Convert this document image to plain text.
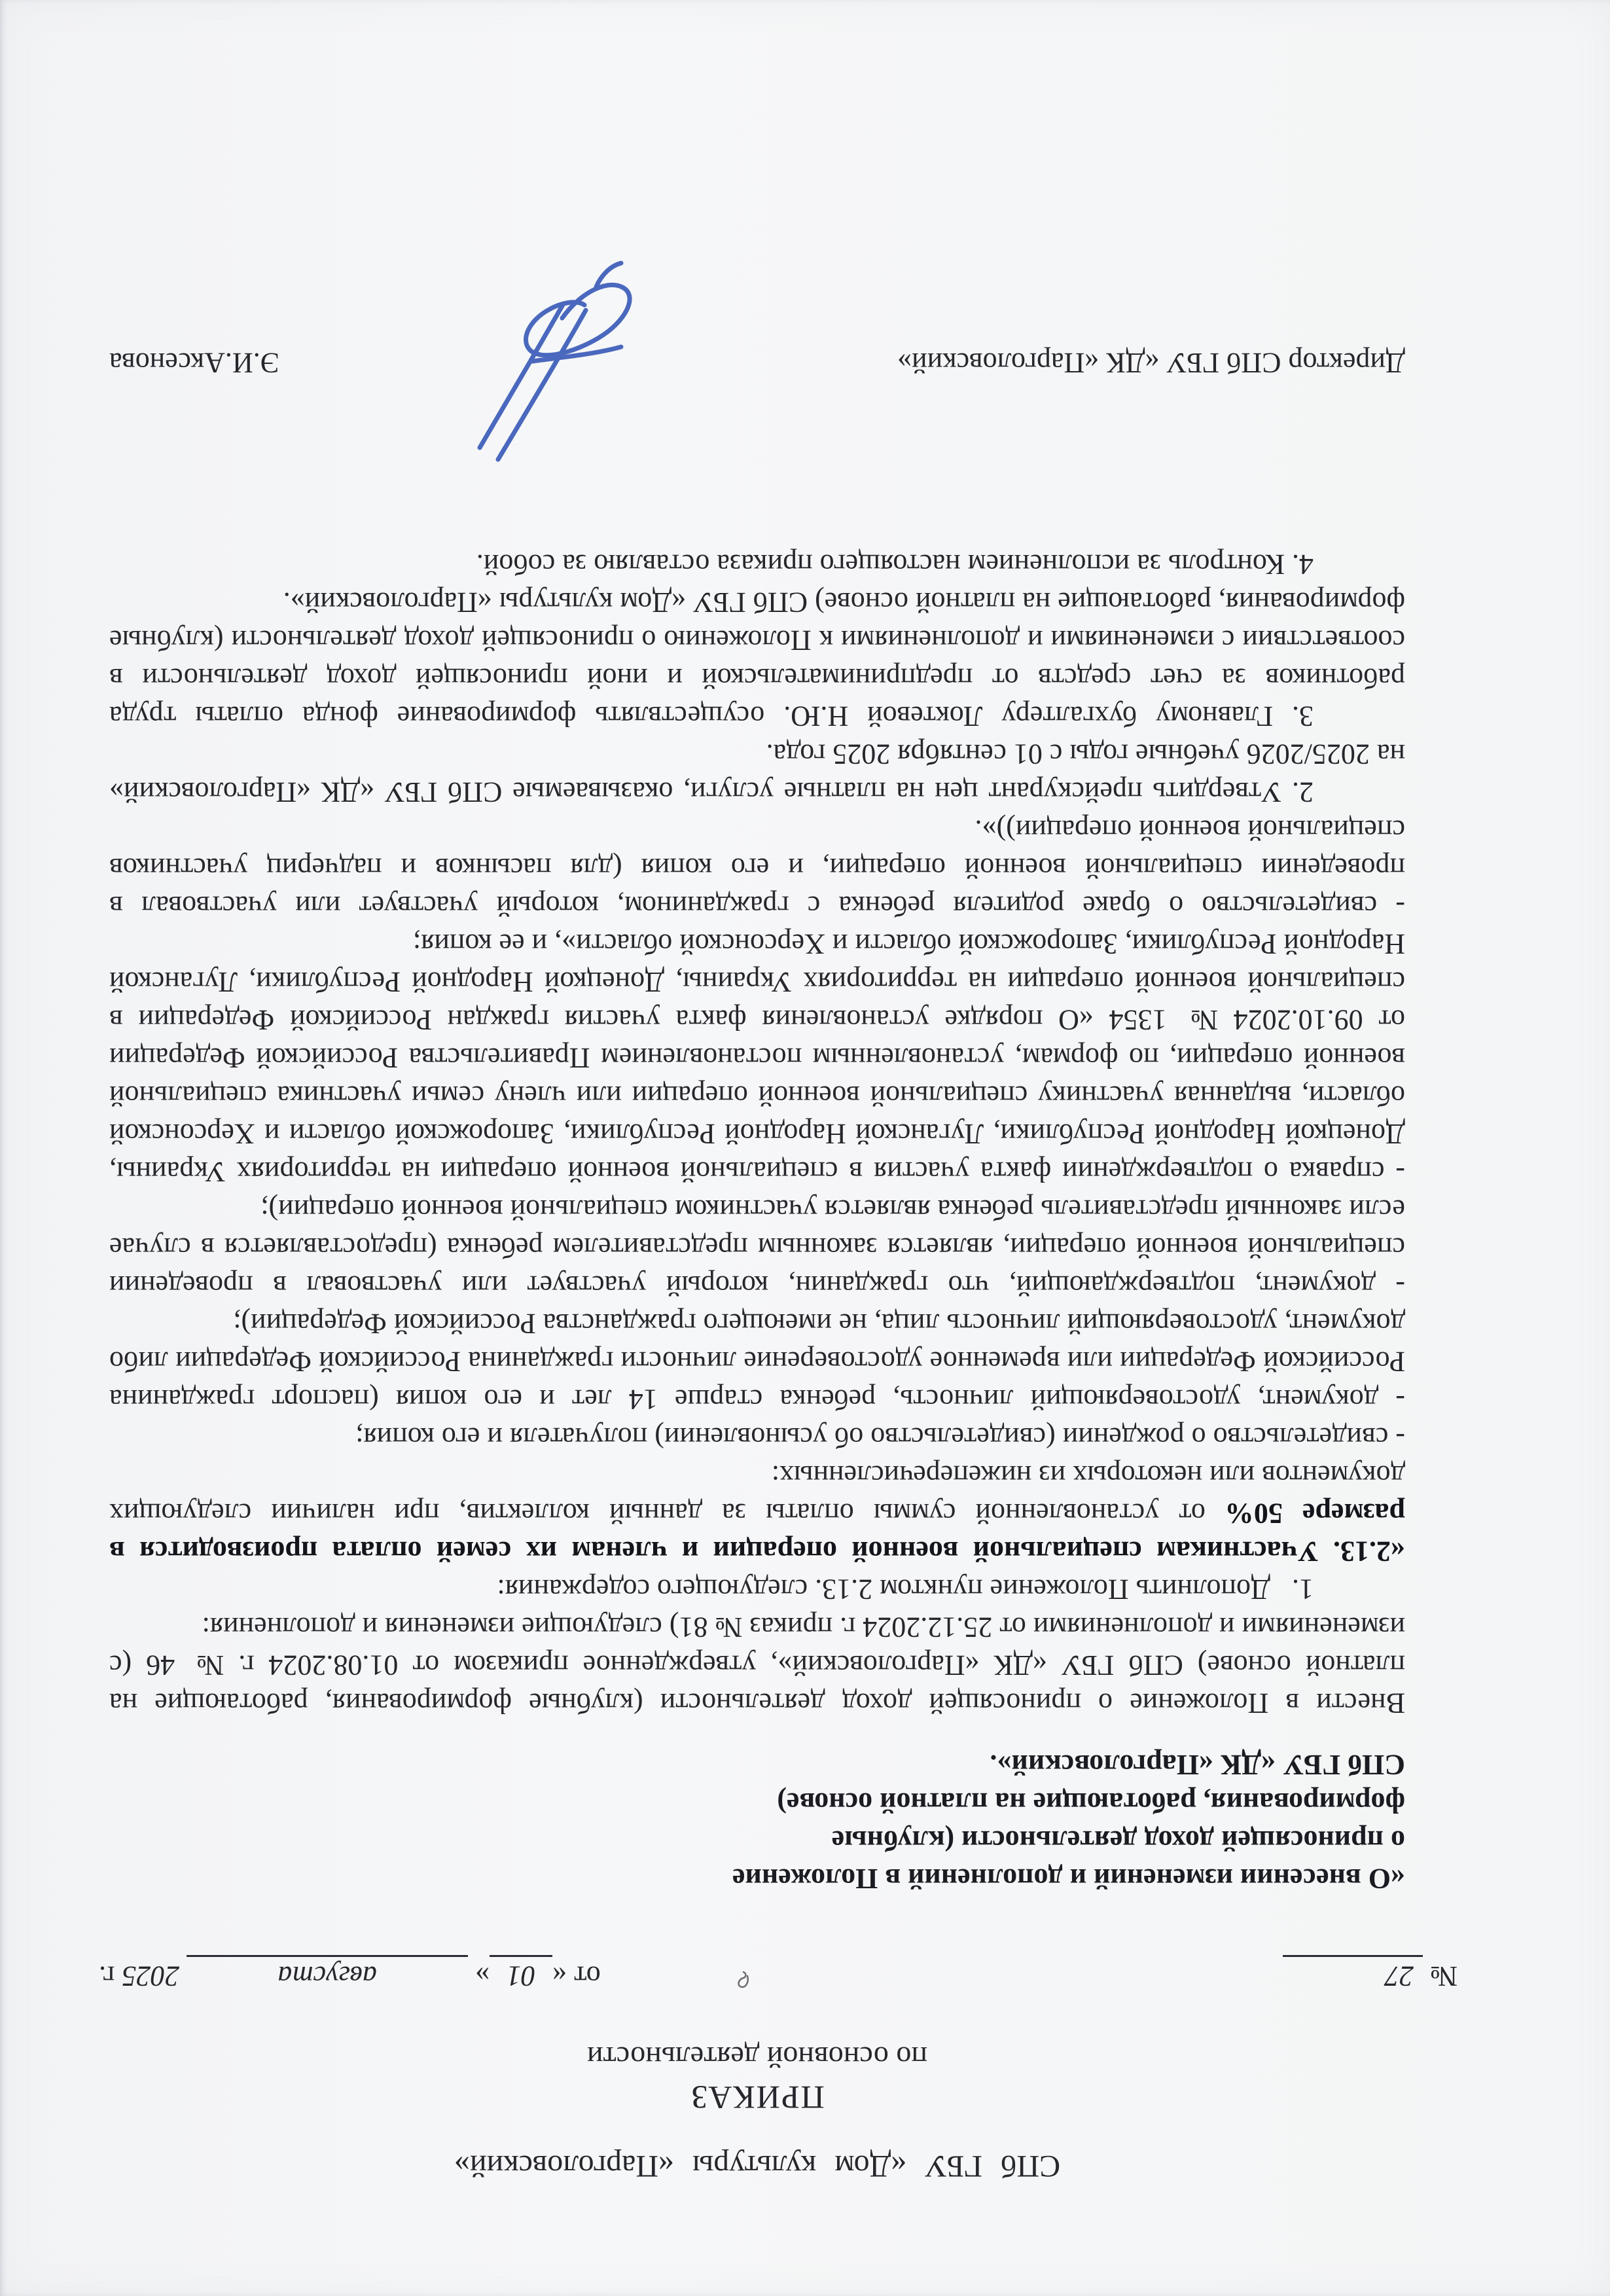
СПб ГБУ «Дом культуры «Парголовский»
ПРИКАЗ
по основной деятельности
№ 27
от «01» августа 2025 г.
«О внесении изменений и дополнений в Положение
о приносящей доход деятельности (клубные
формирования, работающие на платной основе)
СПб ГБУ «ДК «Парголовский».

Внести в Положение о приносящей доход деятельности (клубные формирования, работающие на платной основе) СПб ГБУ «ДК «Парголовский», утвержденное приказом от 01.08.2024 г. № 46 (с изменениями и дополнениями от 25.12.2024 г. приказ № 81) следующие изменения и дополнения:

1.   Дополнить Положение пунктом 2.13. следующего содержания:

«2.13. Участникам специальной военной операции и членам их семей оплата производится в размере 50% от установленной суммы оплаты за данный коллектив, при наличии следующих документов или некоторых из нижеперечисленных:

- свидетельство о рождении (свидетельство об усыновлении) получателя и его копия;

- документ, удостоверяющий личность, ребенка старше 14 лет и его копия (паспорт гражданина Российской Федерации или временное удостоверение личности гражданина Российской Федерации либо документ, удостоверяющий личность лица, не имеющего гражданства Российской Федерации);

- документ, подтверждающий, что гражданин, который участвует или участвовал в проведении специальной военной операции, является законным представителем ребенка (предоставляется в случае если законный представитель ребенка является участником специальной военной операции);

- справка о подтверждении факта участия в специальной военной операции на территориях Украины, Донецкой Народной Республики, Луганской Народной Республики, Запорожской области и Херсонской области, выданная участнику специальной военной операции или члену семьи участника специальной военной операции, по формам, установленным постановлением Правительства Российской Федерации от 09.10.2024 № 1354 «О порядке установления факта участия граждан Российской Федерации в специальной военной операции на территориях Украины, Донецкой Народной Республики, Луганской Народной Республики, Запорожской области и Херсонской области», и ее копия;

- свидетельство о браке родителя ребенка с гражданином, который участвует или участвовал в проведении специальной военной операции, и его копия (для пасынков и падчериц участников специальной военной операции))».

2. Утвердить прейскурант цен на платные услуги, оказываемые СПб ГБУ «ДК «Парголовский» на 2025/2026 учебные годы с 01 сентября 2025 года.

3. Главному бухгалтеру Локтевой Н.Ю. осуществлять формирование фонда оплаты труда работников за счет средств от предпринимательской и иной приносящей доход деятельности в соответствии с изменениями и дополнениями к Положению о приносящей доход деятельности (клубные формирования, работающие на платной основе) СПб ГБУ «Дом культуры «Парголовский».

4. Контроль за исполнением настоящего приказа оставляю за собой.

Директор СПб ГБУ «ДК «Парголовский»
Э.И.Аксенова
